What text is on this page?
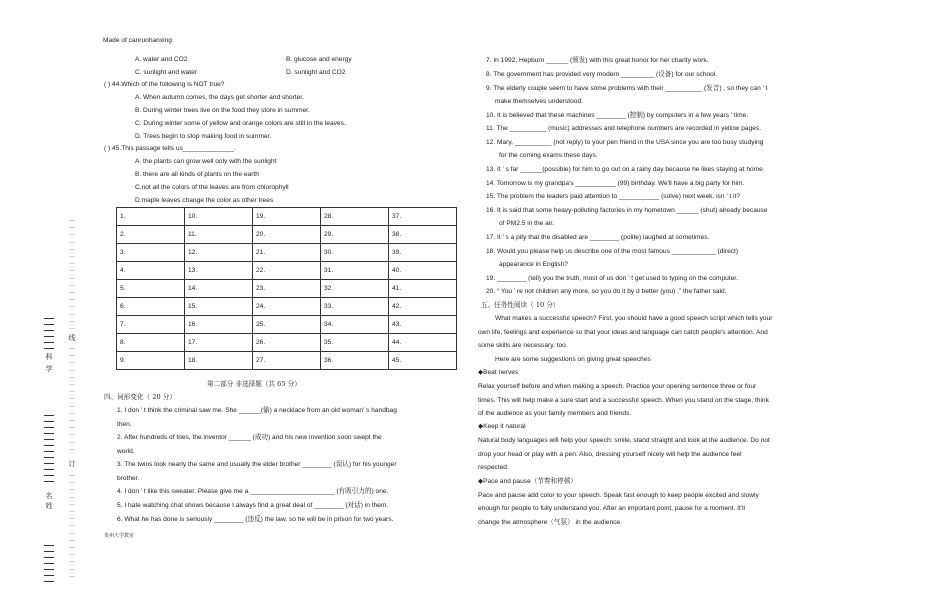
Made of canruohanxing
…
…
…
…
…
…
…
…
…
…
…
…
…
…
…
…
线
…
…
…
…
…
…
…
…
…
…
…
…
…
…
…
订
…
…
…
…
…
…
…
…
…
…
…
…
…
…
…
科
学
名
姓
A. water and CO2	B. glucose and energy
C. sunlight and water	D. sunlight and CO2
( ) 44.Which of the following is NOT true?
A. When autumn comes, the days get shorter and shorter.
B. During winter trees live on the food they store in summer.
C. During winter some of yellow and orange colors are still in the leaves.
D. Trees begin to stop making food in summer.
( ) 45.This passage tells us______________.
A. the plants can grow well only with the sunlight
B. there are all kinds of plants on the earth
C.not all the colors of the leaves are from chlorophyll
D.maple leaves change the color as other trees
1.	10.	19.	28.	37.
2.	11.	20.	29.	38.
3.	12.	21.	30.	39.
4.	13.	22.	31.	40.
5.	14.	23.	32.	41.
6.	15.	24.	33.	42.
7.	16.	25.	34.	43.
8.	17.	26.	35.	44.
9.	18.	27.	36.	45.
第二部分 非选择题（共 65 分）
四、词形变化（ 20 分）
1. I don ’ t think the criminal saw me. She ______(偷) a necklace from an old woman’ s handbag
then.
2. After hundreds of tries, the inventor ______ (成功) and his new invention soon swept the
world.
3. The twins look nearly the same and usually the elder brother ________ (误认) for his younger
brother.
4. I don ’ t like this sweater. Please give me a _______________________ (有吸引力的) one.
5. I hate watching chat shows because I always find a great deal of ________ (对话) in them.
6. What he has done is seriously ________ (违反) the law, so he will be in prison for two years.
贵州大学教室
7. In 1992, Hepburn ______ (颁发) with this great honor for her charity work.
8. The government has provided very modern _________ (设备) for our school.
9. The elderly couple seem to have some problems with their __________ (发音) , so they can ’ t
make themselves understood.
10. It is believed that these machines ________ (控制) by computers in a few years ’ time.
11. The __________ (music) addresses and telephone numbers are recorded in yellow pages.
12. Mary, __________ (not reply) to your pen friend in the USA since you are too busy studying
for the coming exams these days.
13. It ’ s far ______(possible) for him to go out on a rainy day because he likes staying at home.
14. Tomorrow is my grandpa's ___________ (99) birthday. We'll have a big party for him.
15. The problem the leaders paid attention to ___________ (solve) next week, isn ’ t it?
16. It is said that some heavy-polluting factories in my hometown ______ (shut) already because
of PM2.5 in the air.
17. It ’ s a pity that the disabled are ________ (polite) laughed at sometimes.
18. Would you please help us describe one of the most famous ____________ (direct)
appearance in English?
19. ________ (tell) you the truth, most of us don ’ t get used to typing on the computer.
20. “ You ’ re not children any more, so you do it by d better (you) .” the father said.
五、任务性阅读（ 10 分）
What makes a successful speech? First, you should have a good speech script which tells your
own life, feelings and experience so that your ideas and language can catch people's attention. And
some skills are necessary, too.
Here are some suggestions on giving great speeches
◆Beat nerves
Relax yourself before and when making a speech. Practice your opening sentence three or four
times. This will help make a sure start and a successful speech. When you stand on the stage, think
of the audience as your family members and friends.
◆Keep it natural
Natural body languages will help your speech: smile, stand straight and look at the audience. Do not
drop your head or play with a pen. Also, dressing yourself nicely will help the audience feel
respected.
◆Pace and pause（节奏和停顿）
Pace and pause add color to your speech. Speak fast enough to keep people excited and slowly
enough for people to fully understand you. After an important point, pause for a moment. It'll
change the atmosphere（气氛） in the audience.
